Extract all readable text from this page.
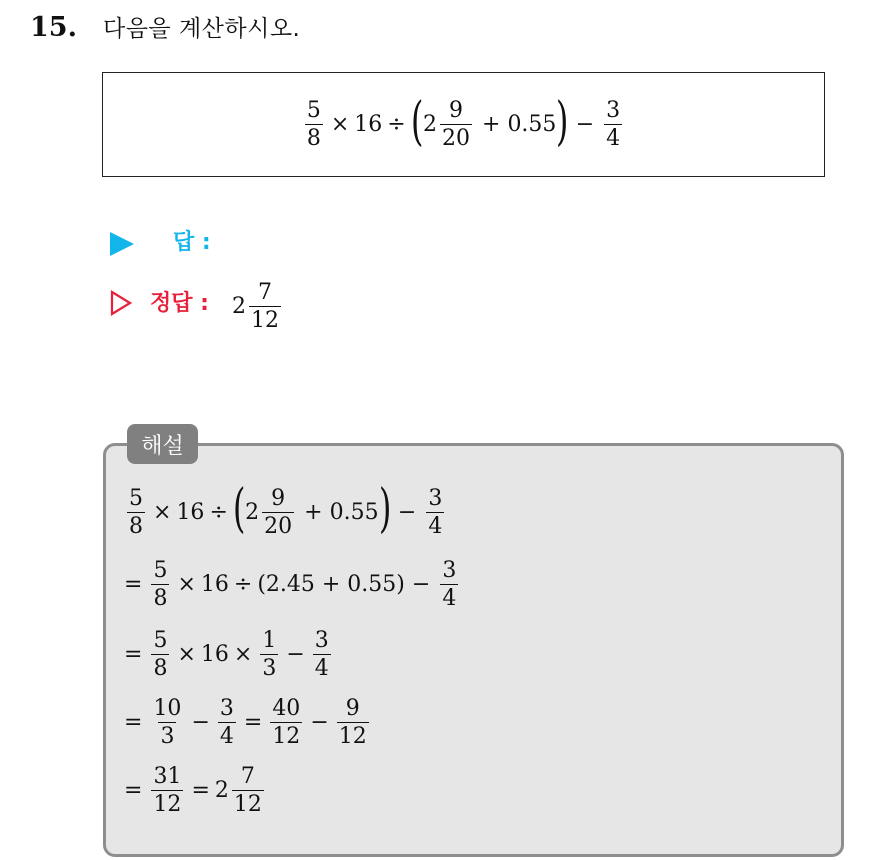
15. 다음을 계산하시오.
$\frac{5}{8} \times 16$ ÷ ( $2 \frac{9}{20} + 0.55$ ) − $\frac{3}{4}$
답 :
정답 : $2 \frac{7}{12}$
해설
$\frac{5}{8} \times 16$ ÷ ( $2 \frac{9}{20} + 0.55$ ) − $\frac{3}{4}$
= $\frac{5}{8} \times 16 \div (2.45 + 0.55) - \frac{3}{4}$
= $\frac{5}{8} \times 16 \times \frac{1}{3} - \frac{3}{4}$
= $\frac{10}{3} - \frac{3}{4} = \frac{40}{12} - \frac{9}{12}$
= $\frac{31}{12} = 2 \frac{7}{12}$
